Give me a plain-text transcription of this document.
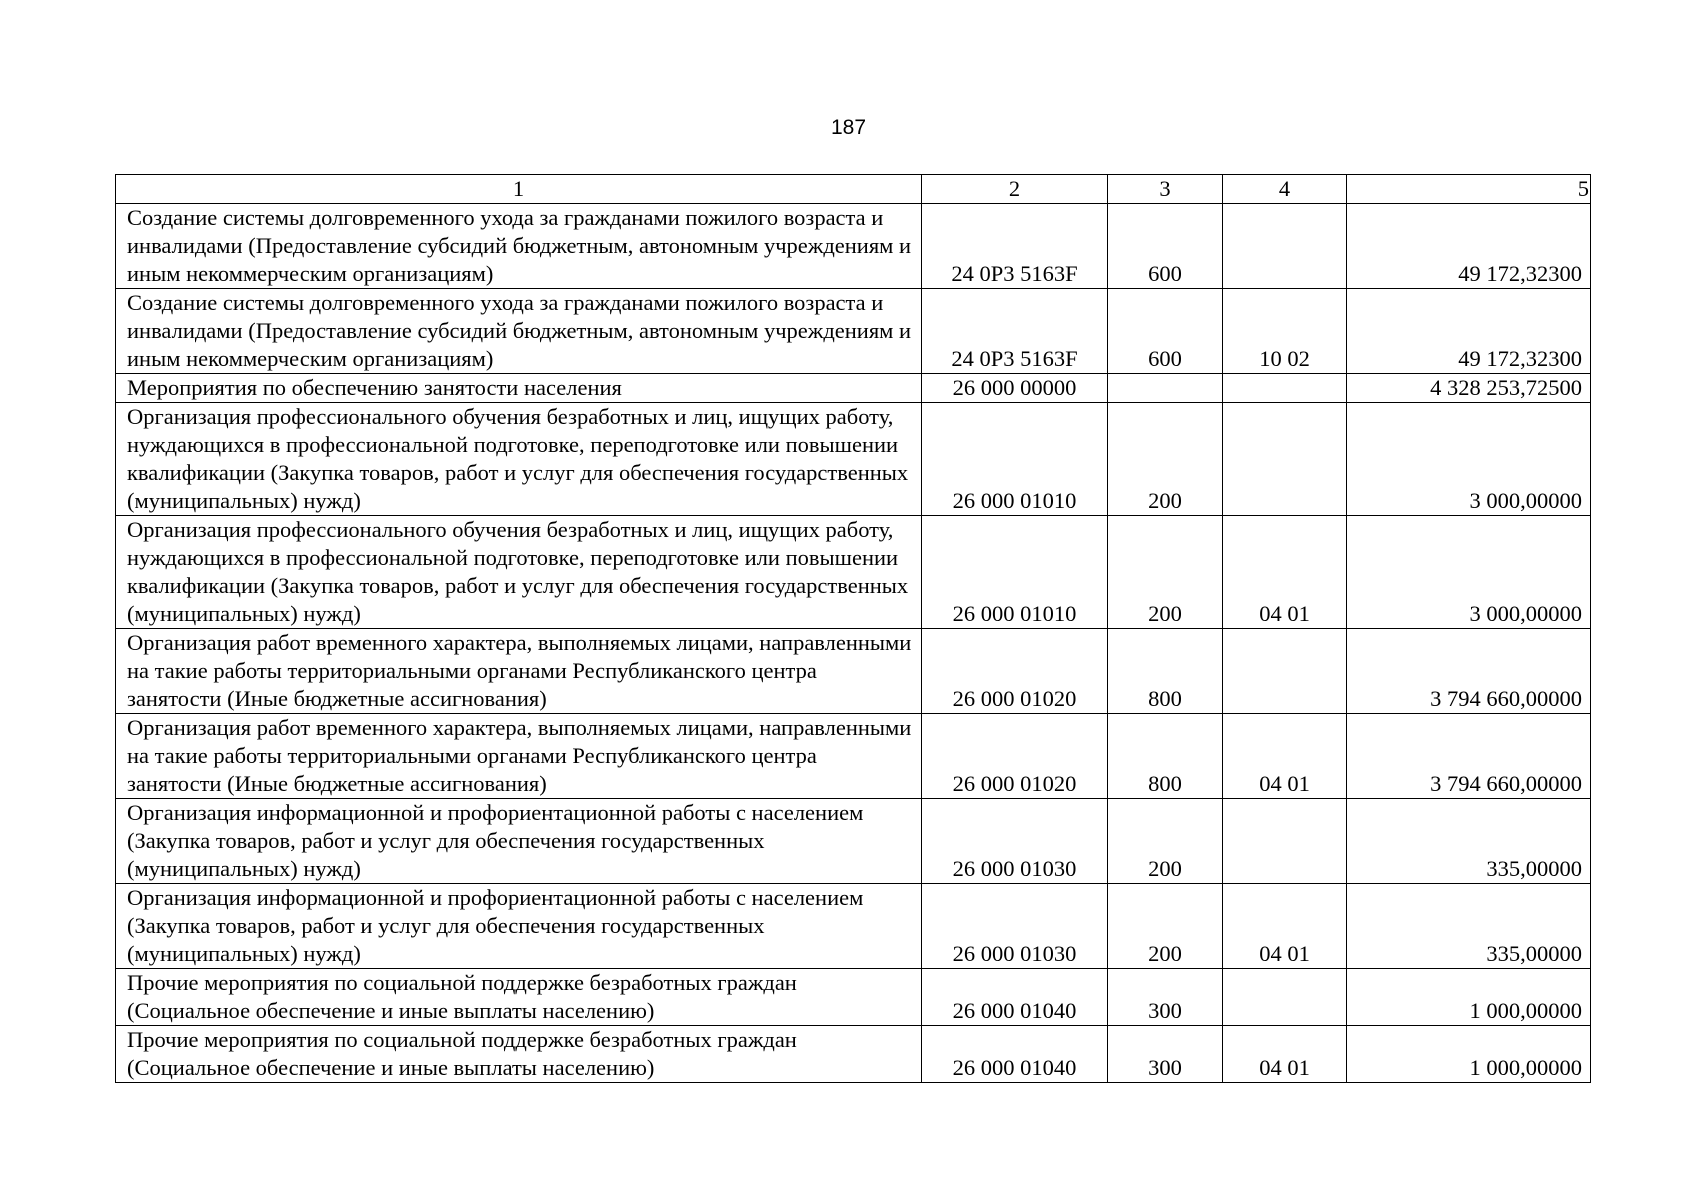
187
1	2	3	4	5
Создание системы долговременного ухода за гражданами пожилого возраста и инвалидами (Предоставление субсидий бюджетным, автономным учреждениям и иным некоммерческим организациям)	24 0P3 5163F	600		49 172,32300
Создание системы долговременного ухода за гражданами пожилого возраста и инвалидами (Предоставление субсидий бюджетным, автономным учреждениям и иным некоммерческим организациям)	24 0P3 5163F	600	10 02	49 172,32300
Мероприятия по обеспечению занятости населения	26 000 00000			4 328 253,72500
Организация профессионального обучения безработных и лиц, ищущих работу, нуждающихся в профессиональной подготовке, переподготовке или повышении квалификации (Закупка товаров, работ и услуг для обеспечения государственных (муниципальных) нужд)	26 000 01010	200		3 000,00000
Организация профессионального обучения безработных и лиц, ищущих работу, нуждающихся в профессиональной подготовке, переподготовке или повышении квалификации (Закупка товаров, работ и услуг для обеспечения государственных (муниципальных) нужд)	26 000 01010	200	04 01	3 000,00000
Организация работ временного характера, выполняемых лицами, направленными на такие работы территориальными органами Республиканского центра занятости (Иные бюджетные ассигнования)	26 000 01020	800		3 794 660,00000
Организация работ временного характера, выполняемых лицами, направленными на такие работы территориальными органами Республиканского центра занятости (Иные бюджетные ассигнования)	26 000 01020	800	04 01	3 794 660,00000
Организация информационной и профориентационной работы с населением (Закупка товаров, работ и услуг для обеспечения государственных (муниципальных) нужд)	26 000 01030	200		335,00000
Организация информационной и профориентационной работы с населением (Закупка товаров, работ и услуг для обеспечения государственных (муниципальных) нужд)	26 000 01030	200	04 01	335,00000
Прочие мероприятия по социальной поддержке безработных граждан (Социальное обеспечение и иные выплаты населению)	26 000 01040	300		1 000,00000
Прочие мероприятия по социальной поддержке безработных граждан (Социальное обеспечение и иные выплаты населению)	26 000 01040	300	04 01	1 000,00000
